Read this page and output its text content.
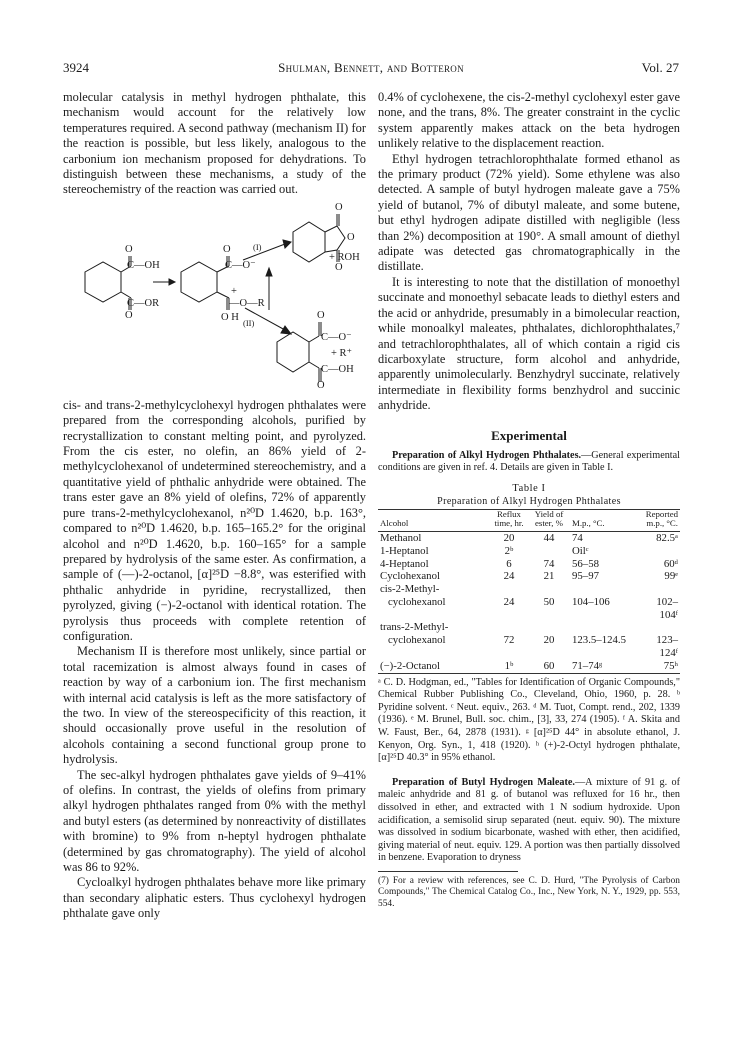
3924	Shulman, Bennett, and Botteron	Vol. 27

molecular catalysis in methyl hydrogen phthalate, this mechanism would account for the relatively low temperatures required. A second pathway (mechanism II) for the reaction is possible, but less likely, analogous to the carbonium ion mechanism proposed for dehydrations. To distinguish between these mechanisms, a study of the stereochemistry of the reaction was carried out.

O
C—OH
C—OR
O
O
C—O⁻
+
—O—R
O H
(I)
(II)
O
O
O
O
C—O⁻
C—OH
O
+ R⁺
+ ROH

cis- and trans-2-methylcyclohexyl hydrogen phthalates were prepared from the corresponding alcohols, purified by recrystallization to constant melting point, and pyrolyzed. From the cis ester, no olefin, an 86% yield of 2-methylcyclohexanol of undetermined stereochemistry, and a quantitative yield of phthalic anhydride were obtained. The trans ester gave an 8% yield of olefins, 72% of apparently pure trans-2-methylcyclohexanol, n²⁰D 1.4620, b.p. 163°, compared to n²⁰D 1.4620, b.p. 165–165.2° for the original alcohol and n²⁰D 1.4620, b.p. 160–165° for a sample prepared by hydrolysis of the same ester. As confirmation, a sample of (—)-2-octanol, [α]²⁵D −8.8°, was esterified with phthalic anhydride in pyridine, recrystallized, then pyrolyzed, giving (−)-2-octanol with identical rotation. The pyrolysis thus proceeds with complete retention of configuration.

Mechanism II is therefore most unlikely, since partial or total racemization is almost always found in cases of reaction by way of a carbonium ion. The first mechanism with internal acid catalysis is left as the more satisfactory of the two. In view of the stereospecificity of this reaction, it should occasionally prove useful in the resolution of alcohols containing a second functional group prone to hydrolysis.

The sec-alkyl hydrogen phthalates gave yields of 9–41% of olefins. In contrast, the yields of olefins from primary alkyl hydrogen phthalates ranged from 0% with the methyl and butyl esters (as determined by nonreactivity of distillates with bromine) to 9% from n-heptyl hydrogen phthalate (determined by gas chromatography). The yield of alcohol was 86 to 92%.

Cycloalkyl hydrogen phthalates behave more like primary than secondary aliphatic esters. Thus cyclohexyl hydrogen phthalate gave only

0.4% of cyclohexene, the cis-2-methyl cyclohexyl ester gave none, and the trans, 8%. The greater constraint in the cyclic system apparently makes attack on the beta hydrogen unlikely relative to the displacement reaction.

Ethyl hydrogen tetrachlorophthalate formed ethanol as the primary product (72% yield). Some ethylene was also detected. A sample of butyl hydrogen maleate gave a 75% yield of butanol, 7% of dibutyl maleate, and some butene, but ethyl hydrogen adipate distilled with negligible (less than 2%) decomposition at 190°. A small amount of diethyl adipate was detected gas chromatographically in the distillate.

It is interesting to note that the distillation of monoethyl succinate and monoethyl sebacate leads to diethyl esters and the acid or anhydride, presumably in a bimolecular reaction, while monoalkyl maleates, phthalates, dichlorophthalates,⁷ and tetrachlorophthalates, all of which contain a rigid cis dicarboxylate structure, form alcohol and anhydride, apparently unimolecularly. Benzhydryl succinate, relatively intermediate in flexibility forms benzhydrol and succinic anhydride.

Experimental

Preparation of Alkyl Hydrogen Phthalates.—General experimental conditions are given in ref. 4. Details are given in Table I.

Table I
Preparation of Alkyl Hydrogen Phthalates
Alcohol	Reflux time, hr.	Yield of ester, %	M.p., °C.	Reported m.p., °C.
Methanol	20	44	74	82.5ᵃ
1-Heptanol	2ᵇ		Oilᶜ	
4-Heptanol	6	74	56–58	60ᵈ
Cyclohexanol	24	21	95–97	99ᵉ
cis-2-Methyl-				
cyclohexanol	24	50	104–106	102–104ᶠ
trans-2-Methyl-				
cyclohexanol	72	20	123.5–124.5	123–124ᶠ
(−)-2-Octanol	1ᵇ	60	71–74ᵍ	75ʰ

ᵃ C. D. Hodgman, ed., "Tables for Identification of Organic Compounds," Chemical Rubber Publishing Co., Cleveland, Ohio, 1960, p. 28. ᵇ Pyridine solvent. ᶜ Neut. equiv., 263. ᵈ M. Tuot, Compt. rend., 202, 1339 (1936). ᵉ M. Brunel, Bull. soc. chim., [3], 33, 274 (1905). ᶠ A. Skita and W. Faust, Ber., 64, 2878 (1931). ᵍ [α]²⁵D 44° in absolute ethanol, J. Kenyon, Org. Syn., 1, 418 (1920). ʰ (+)-2-Octyl hydrogen phthalate, [α]²⁵D 40.3° in 95% ethanol.

Preparation of Butyl Hydrogen Maleate.—A mixture of 91 g. of maleic anhydride and 81 g. of butanol was refluxed for 16 hr., then dissolved in ether, and extracted with 1 N sodium hydroxide. Upon acidification, a semisolid sirup separated (neut. equiv. 90). The mixture was dissolved in sodium bicarbonate, washed with ether, then acidified, giving material of neut. equiv. 129. A portion was then partially dissolved in benzene. Evaporation to dryness

(7) For a review with references, see C. D. Hurd, "The Pyrolysis of Carbon Compounds," The Chemical Catalog Co., Inc., New York, N. Y., 1929, pp. 553, 554.
